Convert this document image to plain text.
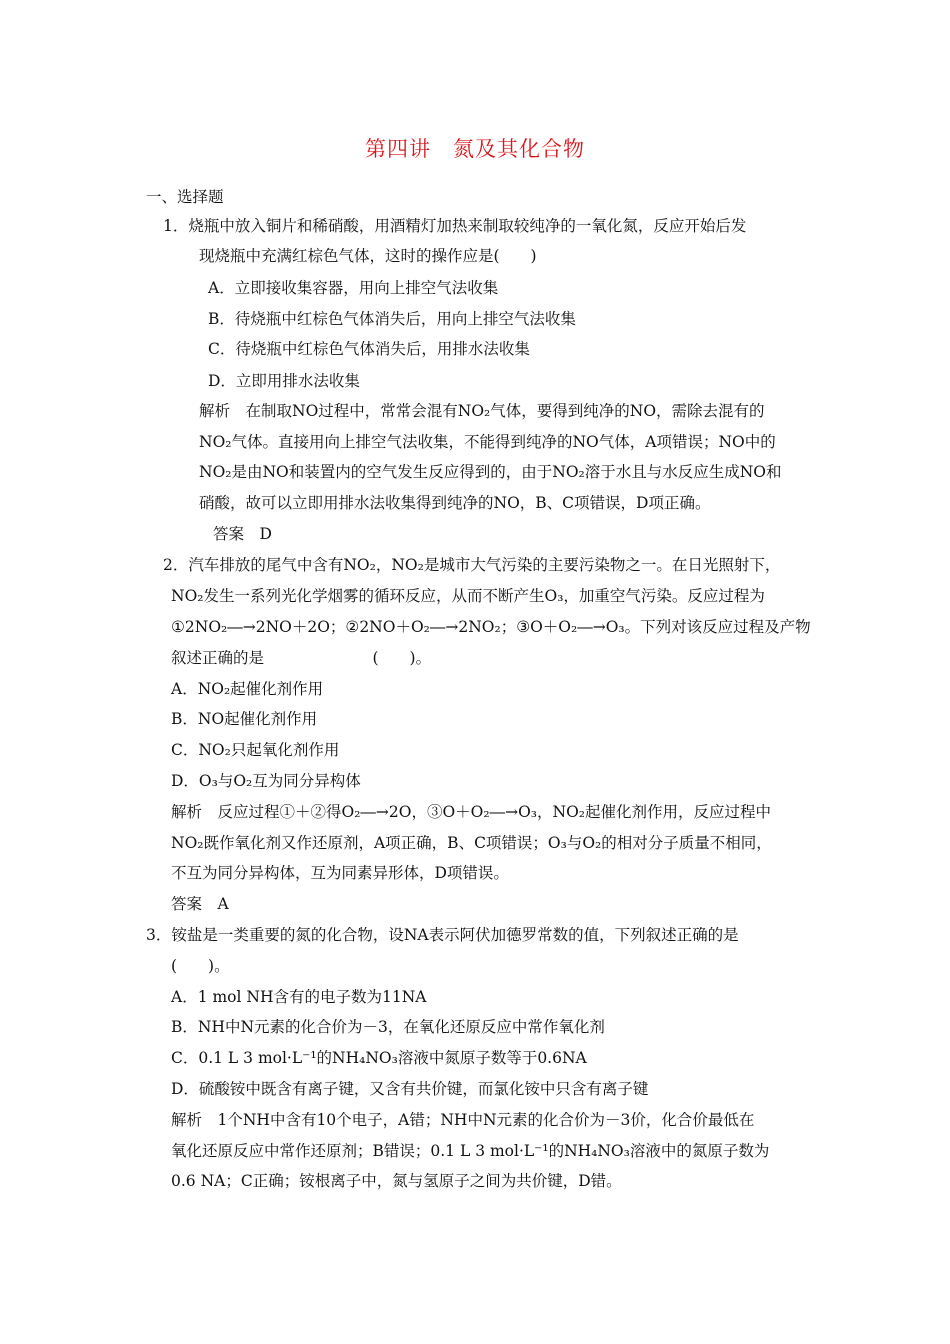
第四讲　氮及其化合物
一、选择题
1．烧瓶中放入铜片和稀硝酸，用酒精灯加热来制取较纯净的一氧化氮，反应开始后发
现烧瓶中充满红棕色气体，这时的操作应是(　　)
A．立即接收集容器，用向上排空气法收集
B．待烧瓶中红棕色气体消失后，用向上排空气法收集
C．待烧瓶中红棕色气体消失后，用排水法收集
D．立即用排水法收集
解析　在制取NO过程中，常常会混有NO₂气体，要得到纯净的NO，需除去混有的
NO₂气体。直接用向上排空气法收集，不能得到纯净的NO气体，A项错误；NO中的
NO₂是由NO和装置内的空气发生反应得到的，由于NO₂溶于水且与水反应生成NO和
硝酸，故可以立即用排水法收集得到纯净的NO，B、C项错误，D项正确。
答案　D
2．汽车排放的尾气中含有NO₂，NO₂是城市大气污染的主要污染物之一。在日光照射下，
NO₂发生一系列光化学烟雾的循环反应，从而不断产生O₃，加重空气污染。反应过程为
①2NO₂―→2NO＋2O；②2NO＋O₂―→2NO₂；③O＋O₂―→O₃。下列对该反应过程及产物
叙述正确的是　　　　　　　(　　)。
A．NO₂起催化剂作用
B．NO起催化剂作用
C．NO₂只起氧化剂作用
D．O₃与O₂互为同分异构体
解析　反应过程①＋②得O₂―→2O，③O＋O₂―→O₃，NO₂起催化剂作用，反应过程中
NO₂既作氧化剂又作还原剂，A项正确，B、C项错误；O₃与O₂的相对分子质量不相同，
不互为同分异构体，互为同素异形体，D项错误。
答案　A
3．铵盐是一类重要的氮的化合物，设NA表示阿伏加德罗常数的值，下列叙述正确的是
(　　)。
A．1 mol NH含有的电子数为11NA
B．NH中N元素的化合价为－3，在氧化还原反应中常作氧化剂
C．0.1 L 3 mol·L⁻¹的NH₄NO₃溶液中氮原子数等于0.6NA
D．硫酸铵中既含有离子键，又含有共价键，而氯化铵中只含有离子键
解析　1个NH中含有10个电子，A错；NH中N元素的化合价为－3价，化合价最低在
氧化还原反应中常作还原剂；B错误；0.1 L 3 mol·L⁻¹的NH₄NO₃溶液中的氮原子数为
0.6 NA；C正确；铵根离子中，氮与氢原子之间为共价键，D错。
